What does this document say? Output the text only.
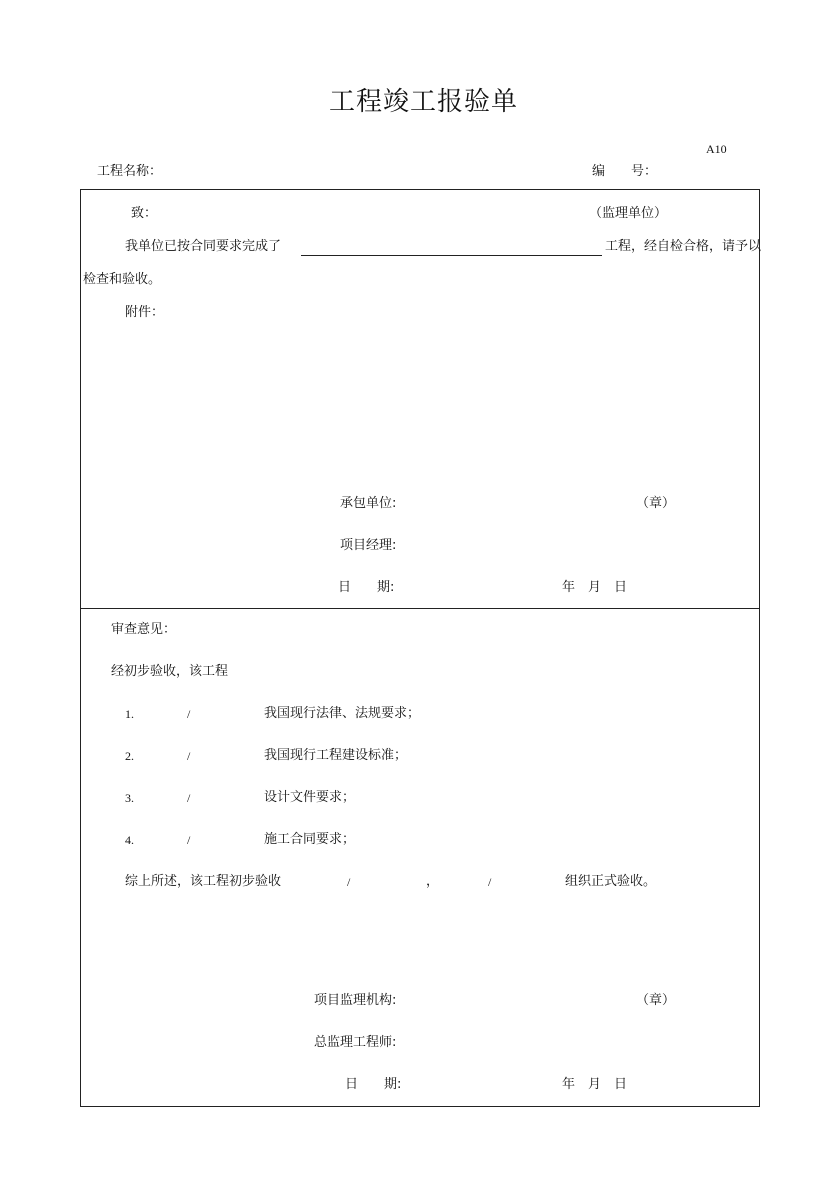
工程竣工报验单
A10
工程名称：	编　　号：
致：	（监理单位）
我单位已按合同要求完成了	工程，经自检合格，请予以
检查和验收。
附件：
承包单位:	（章）
项目经理:
日　　期:	年　月　日
审查意见：
经初步验收，该工程
1.	/	我国现行法律、法规要求；
2.	/	我国现行工程建设标准；
3.	/	设计文件要求；
4.	/	施工合同要求；
综上所述，该工程初步验收	/	，	/	组织正式验收。
项目监理机构:	（章）
总监理工程师:
日　　期:	年　月　日
